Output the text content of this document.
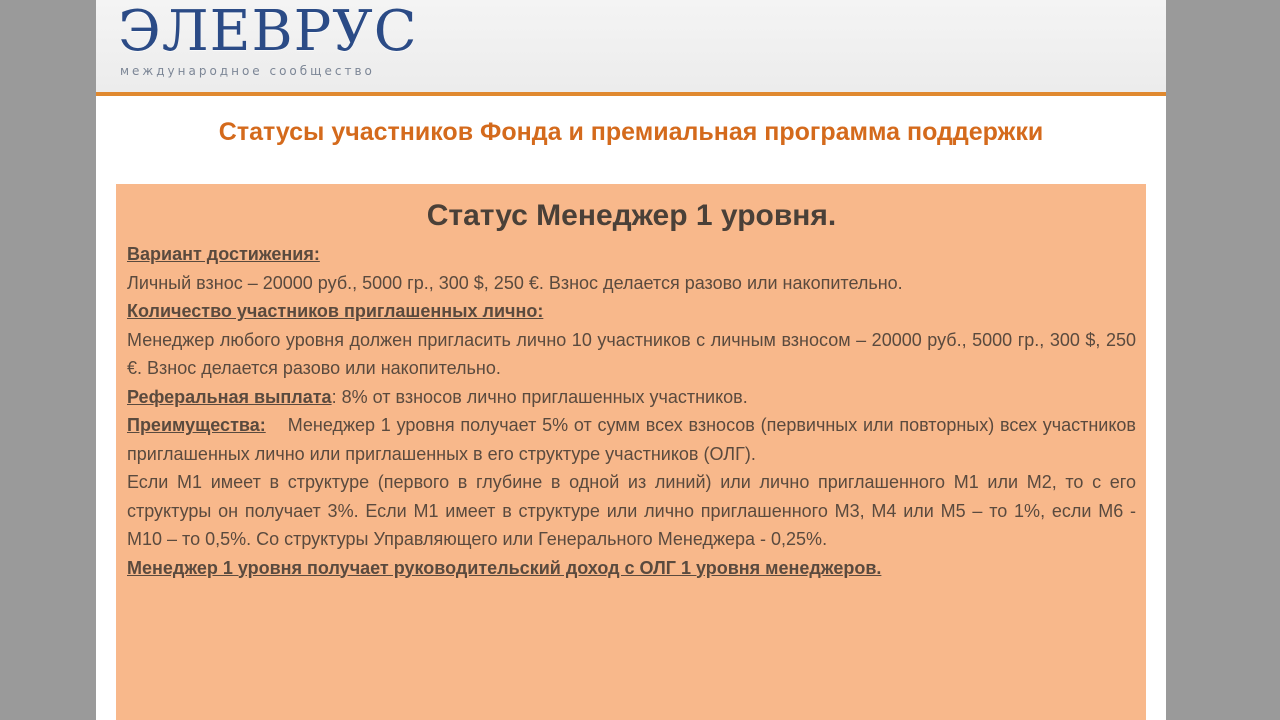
ЭЛЕВРУС
международное сообщество
Статусы участников Фонда и премиальная программа поддержки
Статус Менеджер 1 уровня.

Вариант достижения:

Личный взнос – 20000 руб., 5000 гр., 300 $, 250 €. Взнос делается разово или накопительно.

Количество участников приглашенных лично:

Менеджер любого уровня должен пригласить лично 10 участников с личным взносом – 20000 руб., 5000 гр., 300 $, 250 €. Взнос делается разово или накопительно.

Реферальная выплата: 8% от взносов лично приглашенных участников.

Преимущества: Менеджер 1 уровня получает 5% от сумм всех взносов (первичных или повторных) всех участников приглашенных лично или приглашенных в его структуре участников (ОЛГ).

Если М1 имеет в структуре (первого в глубине в одной из линий) или лично приглашенного М1 или М2, то с его структуры он получает 3%. Если М1 имеет в структуре или лично приглашенного М3, М4 или М5 – то 1%, если М6 - М10 – то 0,5%. Со структуры Управляющего или Генерального Менеджера - 0,25%.

Менеджер 1 уровня получает руководительский доход с ОЛГ 1 уровня менеджеров.
